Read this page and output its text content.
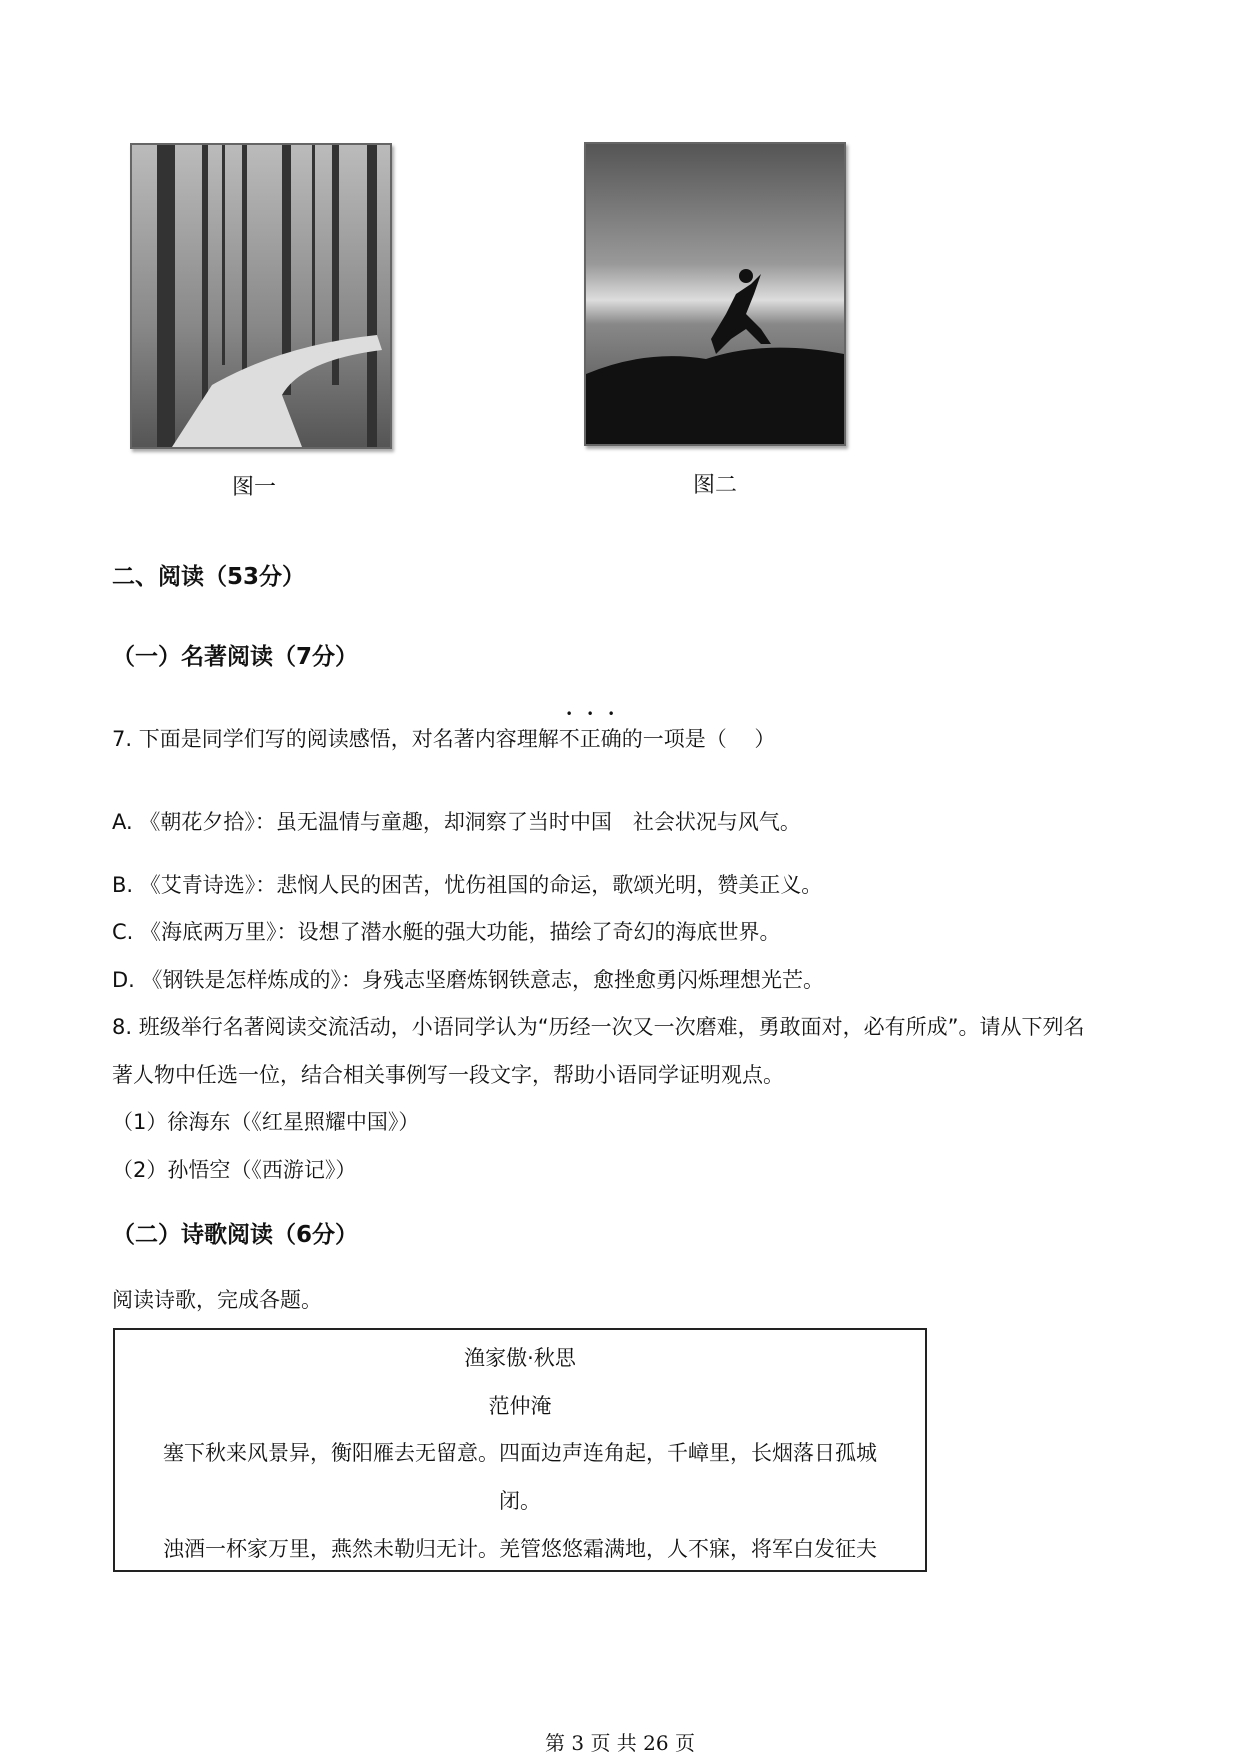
图一	图二
二、阅读（53分）
（一）名著阅读（7分）
7. 下面是同学们写的阅读感悟，对名著内容理解不正确的一项是（　 ）
A. 《朝花夕拾》：虽无温情与童趣，却洞察了当时中国　社会状况与风气。
B. 《艾青诗选》：悲悯人民的困苦，忧伤祖国的命运，歌颂光明，赞美正义。
C. 《海底两万里》：设想了潜水艇的强大功能，描绘了奇幻的海底世界。
D. 《钢铁是怎样炼成的》：身残志坚磨炼钢铁意志，愈挫愈勇闪烁理想光芒。
8. 班级举行名著阅读交流活动，小语同学认为“历经一次又一次磨难，勇敢面对，必有所成”。请从下列名
著人物中任选一位，结合相关事例写一段文字，帮助小语同学证明观点。
（1）徐海东（《红星照耀中国》）
（2）孙悟空（《西游记》）
（二）诗歌阅读（6分）
阅读诗歌，完成各题。
渔家傲·秋思
范仲淹
塞下秋来风景异，衡阳雁去无留意。四面边声连角起，千嶂里，长烟落日孤城
闭。
浊酒一杯家万里，燕然未勒归无计。羌管悠悠霜满地，人不寐，将军白发征夫
第 3 页 共 26 页
